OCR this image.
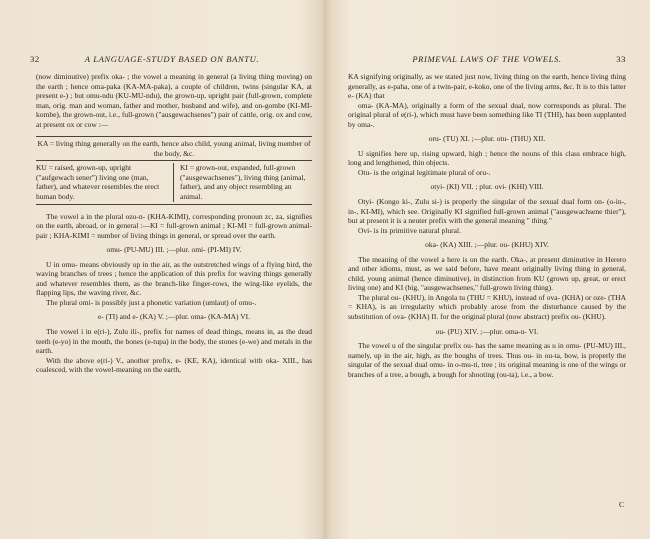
32	A LANGUAGE-STUDY BASED ON BANTU.

(now diminutive) prefix oka- ; the vowel a meaning in general (a living thing moving) on the earth ; hence oma-paka (KA-MA-paka), a couple of children, twins (singular KA, at present e-) ; but omu-ndu (KU-MU-ndu), the grown-up, upright pair (full-grown, complete man, orig. man and woman, father and mother, husband and wife), and on-gombe (KI-MI-kombe), the grown-out, i.e., full-grown ("ausgewachsenes") pair of cattle, orig. ox and cow, at present ox or cow :—

KA = living thing generally on the earth, hence also child, young animal, living member of the body, &c.

KU = raised, grown-up, upright ("aufgewach sener") living one (man, father), and whatever resembles the erect human body.
KI = grown-out, expanded, full-grown ("ausgewachsenes"), living thing (animal, father), and any object resembling an animal.

The vowel a in the plural ozo-n- (KHA-KIMI), corresponding pronoun zc, za, signifies on the earth, abroad, or in general :—KI = full-grown animal ; KI-MI = full-grown animal-pair ; KHA-KIMI = number of living things in general, or spread over the earth.

omu- (PU-MU) III. ;—plur. omi- (PI-MI) IV.

U in omu- means obviously up in the air, as the outstretched wings of a flying bird, the waving branches of trees ; hence the application of this prefix for waving things generally and whatever resembles them, as the branch-like finger-rows, the wing-like eyelids, the flapping lips, the waving river, &c.

The plural omi- is possibly just a phonetic variation (umlaut) of omu-.

e- (TI) and e- (KA) V. ;—plur. oma- (KA-MA) VI.

The vowel i in e(ri-), Zulu ili-, prefix for names of dead things, means in, as the dead teeth (e-yo) in the mouth, the bones (e-tupa) in the body, the stones (e-we) and metals in the earth.

With the above e(ri-) V., another prefix, e- (KE, KA), identical with oka- XIII., has coalesced, with the vowel-meaning on the earth,

PRIMEVAL LAWS OF THE VOWELS.	33

KA signifying originally, as we stated just now, living thing on the earth, hence living thing generally, as e-paha, one of a twin-pair, e-koko, one of the living arms, &c. It is to this latter e- (KA) that

oma- (KA-MA), originally a form of the sexual dual, now corresponds as plural. The original plural of e(ri-), which must have been something like TI (THI), has been supplanted by oma-.

oru- (TU) XI. ;—plur. otu- (THU) XII.

U signifies here up, rising upward, high ; hence the nouns of this class embrace high, long and lengthened, thin objects.

Otu- is the original legitimate plural of oru-.

otyi- (KI) VII. ; plur. ovi- (KHI) VIII.

Otyi- (Kongo ki-, Zulu si-) is properly the singular of the sexual dual form on- (o-in-, in-, KI-MI), which see. Originally KI signified full-grown animal ("ausgewachsene thier"), but at present it is a neuter prefix with the general meaning " thing."

Ovi- is its primitive natural plural.

oka- (KA) XIII. ;—plur. ou- (KHU) XIV.

The meaning of the vowel a here is on the earth. Oka-, at present diminutive in Herero and other idioms, must, as we said before, have meant originally living thing in general, child, young animal (hence diminutive), in distinction from KU (grown up, great, or erect living one) and KI (big, "ausgewachsenes," full-grown living thing).

The plural ou- (KHU), in Angola tu (THU = KHU), instead of ova- (KHA) or oze- (THA = KHA), is an irregularity which probably arose from the disturbance caused by the substitution of ova- (KHA) II. for the original plural (now abstract) prefix ou- (KHU).

ou- (PU) XIV. ;—plur. oma-u- VI.

The vowel u of the singular prefix ou- has the same meaning as u in omu- (PU-MU) III., namely, up in the air, high, as the boughs of trees. Thus ou- in ou-ta, bow, is properly the singular of the sexual dual omu- in o-mu-ti, tree ; its original meaning is one of the wings or branches of a tree, a bough, a bough for shooting (ou-ta), i.e., a bow.

C
